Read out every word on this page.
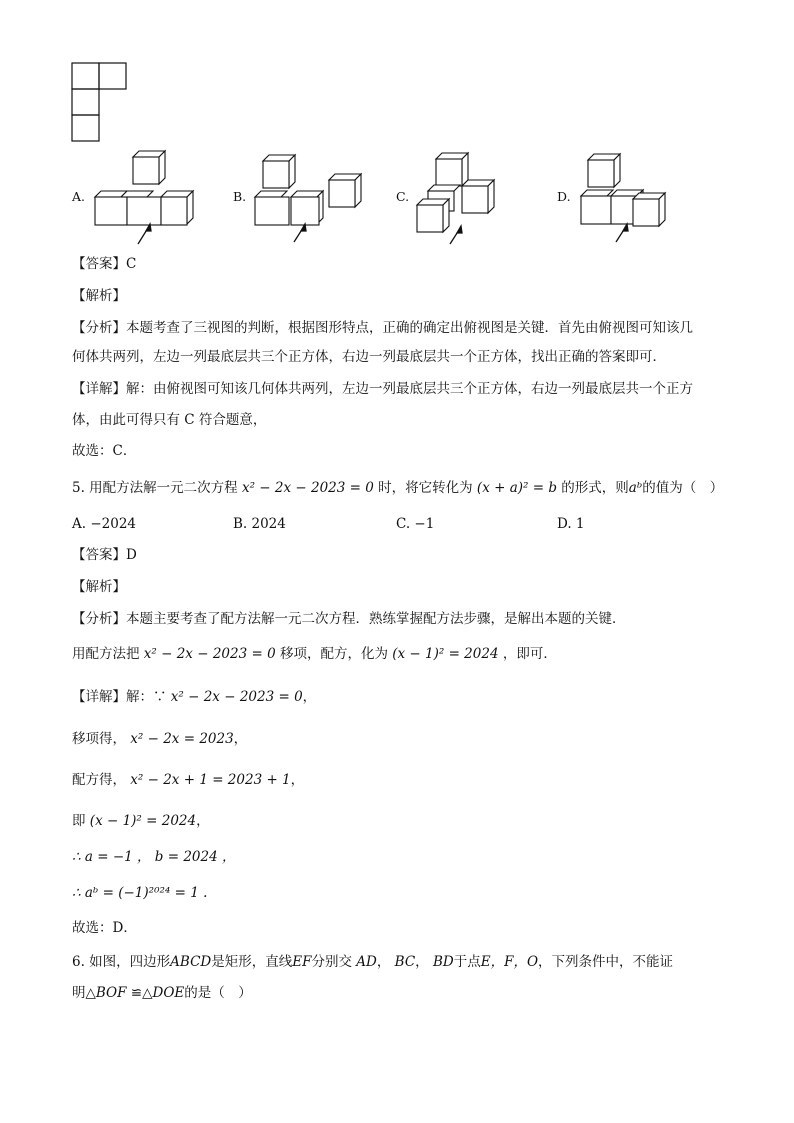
A.	B.	C.	D.
【答案】C
【解析】
【分析】本题考查了三视图的判断，根据图形特点，正确的确定出俯视图是关键．首先由俯视图可知该几
何体共两列，左边一列最底层共三个正方体，右边一列最底层共一个正方体，找出正确的答案即可．
【详解】解：由俯视图可知该几何体共两列，左边一列最底层共三个正方体，右边一列最底层共一个正方
体，由此可得只有 C 符合题意，
故选：C．
5. 用配方法解一元二次方程 x² − 2x − 2023 = 0 时，将它转化为 (x + a)² = b 的形式，则aᵇ的值为（　）
A. −2024	B. 2024	C. −1	D. 1
【答案】D
【解析】
【分析】本题主要考查了配方法解一元二次方程．熟练掌握配方法步骤，是解出本题的关键．
用配方法把 x² − 2x − 2023 = 0 移项，配方，化为 (x − 1)² = 2024 ，即可．
【详解】解：∵ x² − 2x − 2023 = 0，
移项得， x² − 2x = 2023，
配方得， x² − 2x + 1 = 2023 + 1，
即 (x − 1)² = 2024，
∴ a = −1 ， b = 2024 ，
∴ aᵇ = (−1)²⁰²⁴ = 1 .
故选：D．
6. 如图，四边形ABCD是矩形，直线EF分别交 AD， BC， BD于点E，F，O，下列条件中，不能证
明△BOF ≌△DOE的是（　）
